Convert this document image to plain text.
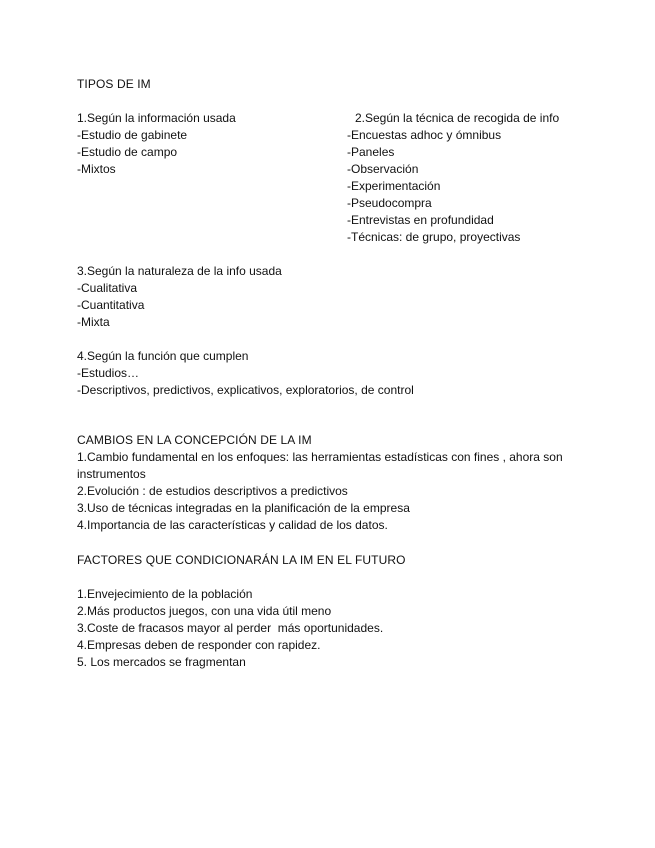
TIPOS DE IM
1.Según la información usada
-Estudio de gabinete
-Estudio de campo
-Mixtos
2.Según la técnica de recogida de info
-Encuestas adhoc y ómnibus
-Paneles
-Observación
-Experimentación
-Pseudocompra
-Entrevistas en profundidad
-Técnicas: de grupo, proyectivas
3.Según la naturaleza de la info usada
-Cualitativa
-Cuantitativa
-Mixta
4.Según la función que cumplen
-Estudios…
-Descriptivos, predictivos, explicativos, exploratorios, de control
CAMBIOS EN LA CONCEPCIÓN DE LA IM
1.Cambio fundamental en los enfoques: las herramientas estadísticas con fines , ahora son instrumentos
2.Evolución : de estudios descriptivos a predictivos
3.Uso de técnicas integradas en la planificación de la empresa
4.Importancia de las características y calidad de los datos.
FACTORES QUE CONDICIONARÁN LA IM EN EL FUTURO
1.Envejecimiento de la población
2.Más productos juegos, con una vida útil meno
3.Coste de fracasos mayor al perder  más oportunidades.
4.Empresas deben de responder con rapidez.
5. Los mercados se fragmentan
